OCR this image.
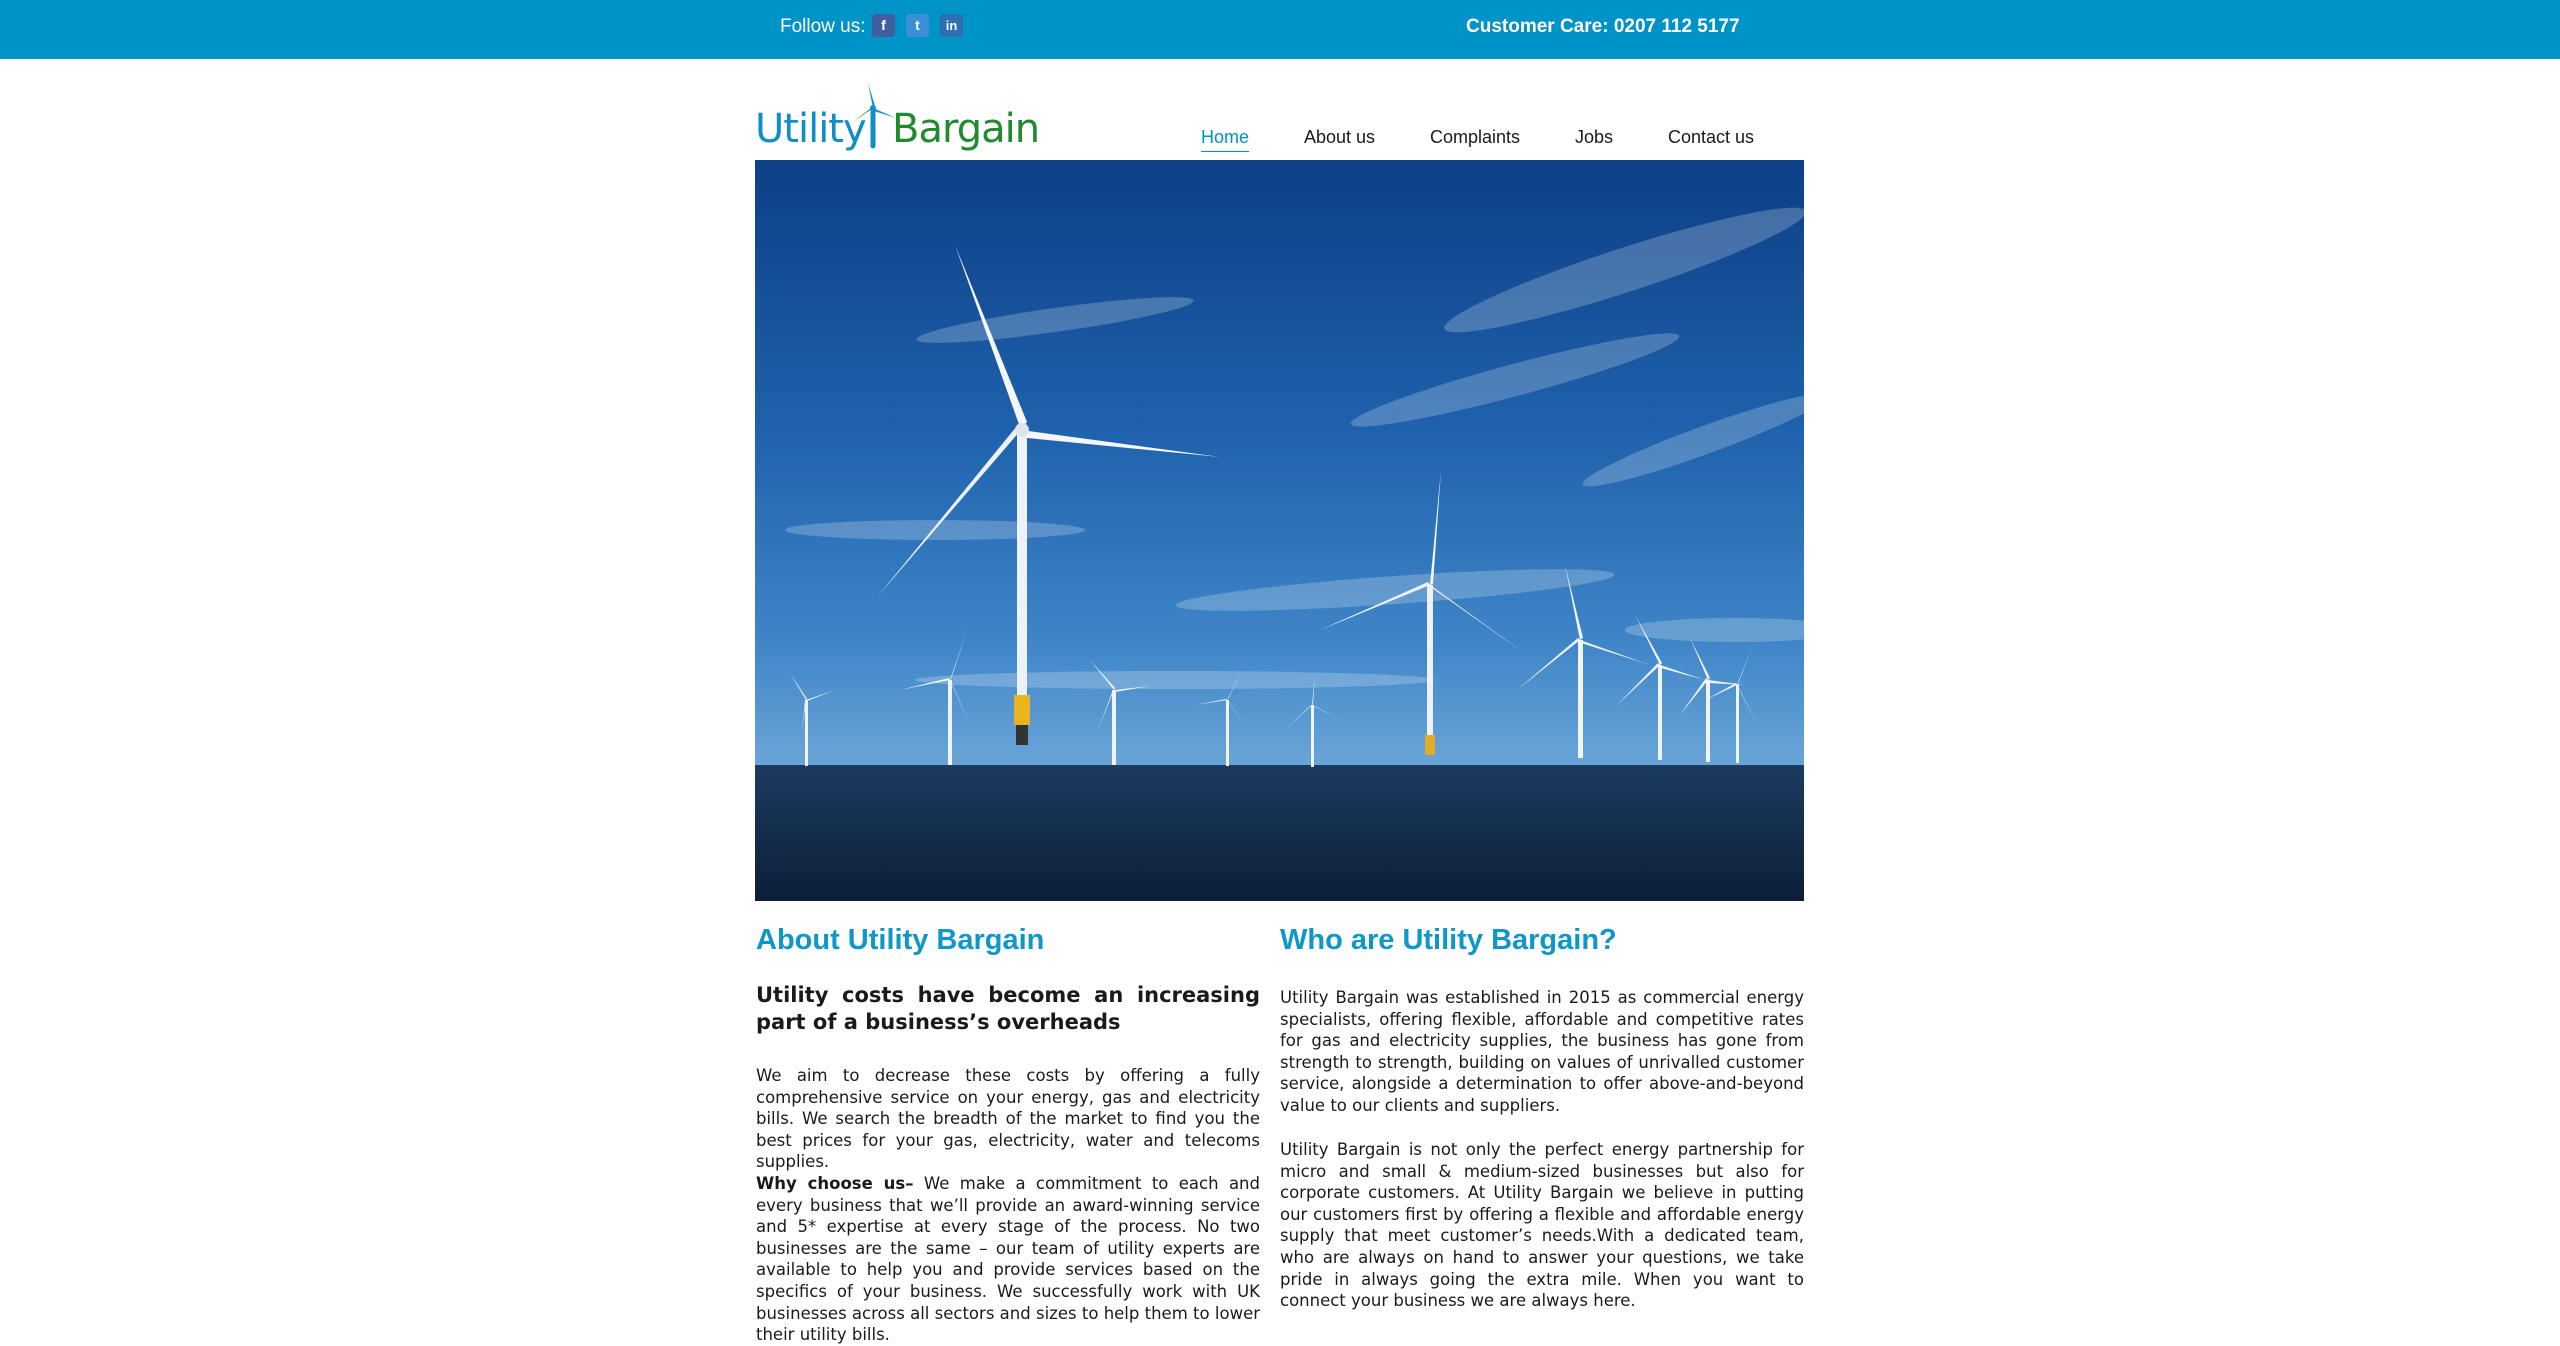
Follow us:	f	t	in	Customer Care: 0207 112 5177
Utility Bargain	Home	About us	Complaints	Jobs	Contact us
About Utility Bargain

Utility costs have become an increasing part of a business’s overheads

We aim to decrease these costs by offering a fully comprehensive service on your energy, gas and electricity bills. We search the breadth of the market to find you the best prices for your gas, electricity, water and telecoms supplies.

Why choose us– We make a commitment to each and every business that we’ll provide an award-winning service and 5* expertise at every stage of the process. No two businesses are the same – our team of utility experts are available to help you and provide services based on the specifics of your business. We successfully work with UK businesses across all sectors and sizes to help them to lower their utility bills.

Who are Utility Bargain?

Utility Bargain was established in 2015 as commercial energy specialists, offering flexible, affordable and competitive rates for gas and electricity supplies, the business has gone from strength to strength, building on values of unrivalled customer service, alongside a determination to offer above-and-beyond value to our clients and suppliers.

Utility Bargain is not only the perfect energy partnership for micro and small & medium-sized businesses but also for corporate customers. At Utility Bargain we believe in putting our customers first by offering a flexible and affordable energy supply that meet customer’s needs.With a dedicated team, who are always on hand to answer your questions, we take pride in always going the extra mile. When you want to connect your business we are always here.
